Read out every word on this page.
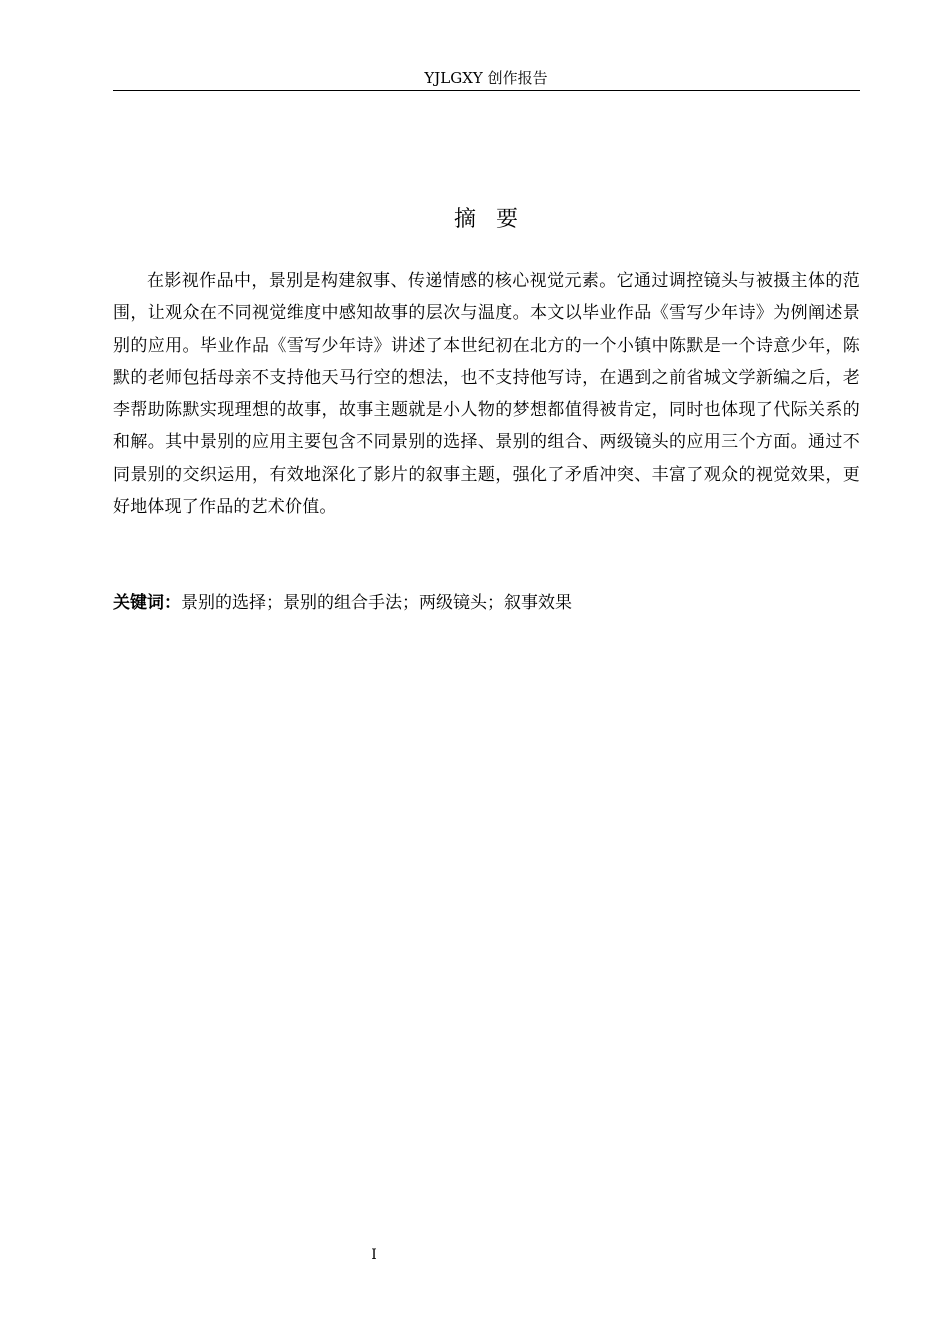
YJLGXY 创作报告
摘要

在影视作品中，景别是构建叙事、传递情感的核心视觉元素。它通过调控镜头与被摄主体的范围，让观众在不同视觉维度中感知故事的层次与温度。本文以毕业作品《雪写少年诗》为例阐述景别的应用。毕业作品《雪写少年诗》讲述了本世纪初在北方的一个小镇中陈默是一个诗意少年，陈默的老师包括母亲不支持他天马行空的想法，也不支持他写诗，在遇到之前省城文学新编之后，老李帮助陈默实现理想的故事，故事主题就是小人物的梦想都值得被肯定，同时也体现了代际关系的和解。其中景别的应用主要包含不同景别的选择、景别的组合、两级镜头的应用三个方面。通过不同景别的交织运用，有效地深化了影片的叙事主题，强化了矛盾冲突、丰富了观众的视觉效果，更好地体现了作品的艺术价值。

关键词：景别的选择；景别的组合手法；两级镜头；叙事效果
I
